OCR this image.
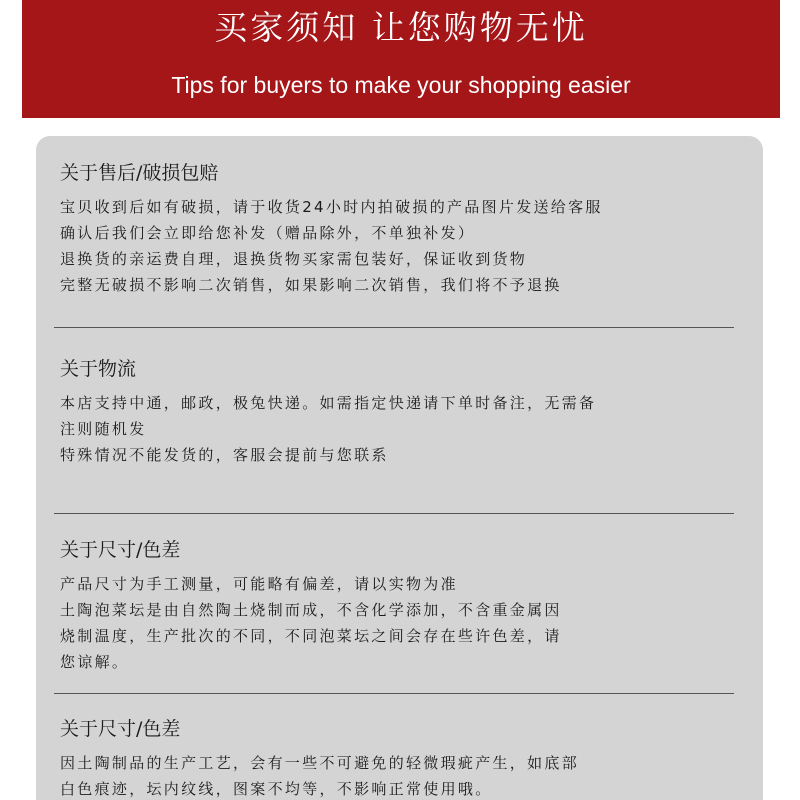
买家须知 让您购物无忧
Tips for buyers to make your shopping easier
关于售后/破损包赔
宝贝收到后如有破损，请于收货24小时内拍破损的产品图片发送给客服
确认后我们会立即给您补发（赠品除外，不单独补发）
退换货的亲运费自理，退换货物买家需包装好，保证收到货物
完整无破损不影响二次销售，如果影响二次销售，我们将不予退换
关于物流
本店支持中通，邮政，极兔快递。如需指定快递请下单时备注，无需备
注则随机发
特殊情况不能发货的，客服会提前与您联系
关于尺寸/色差
产品尺寸为手工测量，可能略有偏差，请以实物为准
土陶泡菜坛是由自然陶土烧制而成，不含化学添加，不含重金属因
烧制温度，生产批次的不同，不同泡菜坛之间会存在些许色差，请
您谅解。
关于尺寸/色差
因土陶制品的生产工艺，会有一些不可避免的轻微瑕疵产生，如底部
白色痕迹，坛内纹线，图案不均等，不影响正常使用哦。
